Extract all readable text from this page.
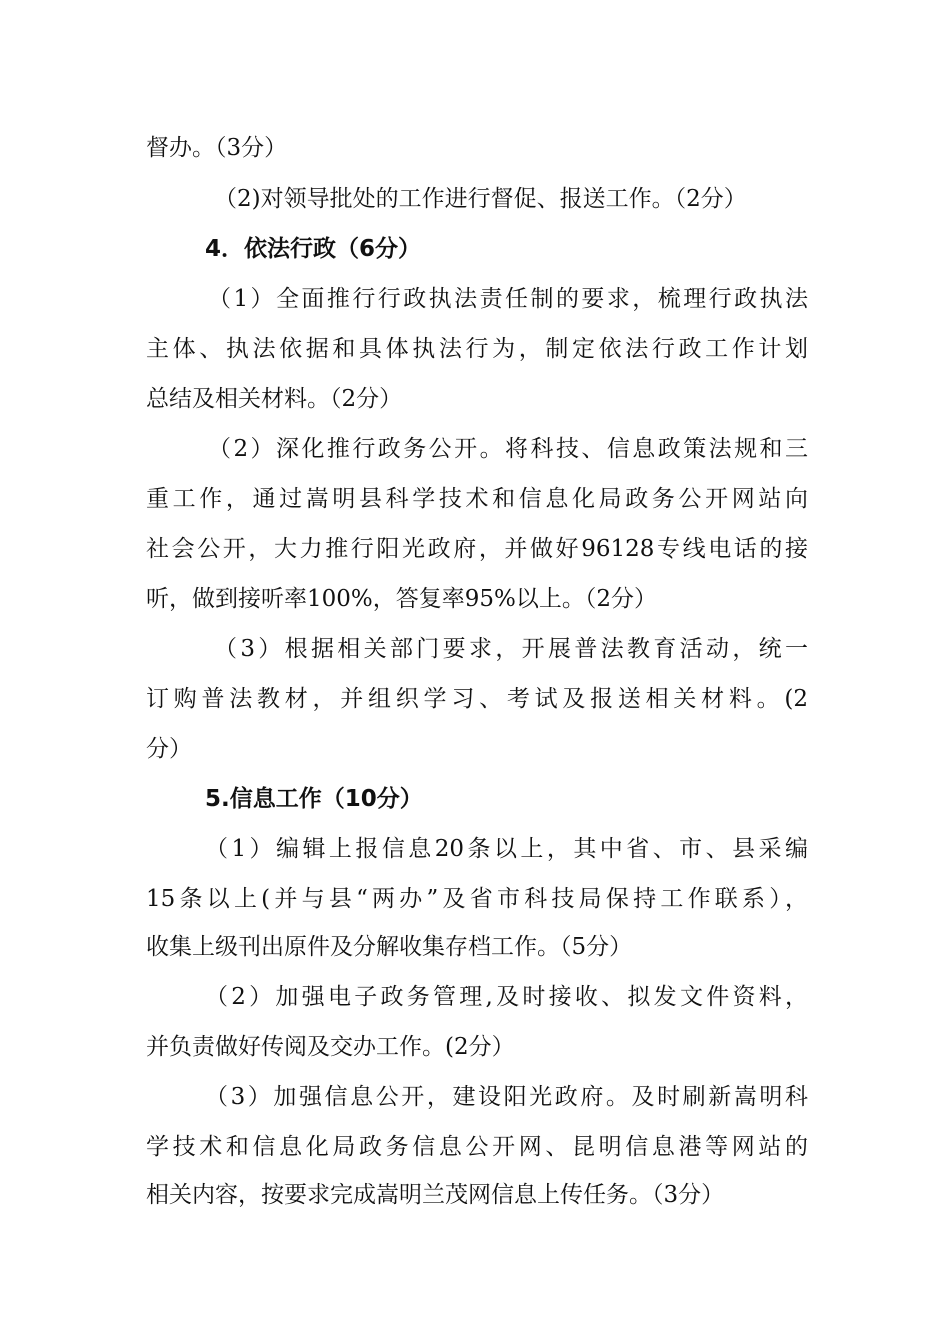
督办。（3分）
（2)对领导批处的工作进行督促、报送工作。（2分）
4．依法行政（6分）
（1）全面推行行政执法责任制的要求，梳理行政执法
主体、执法依据和具体执法行为，制定依法行政工作计划
总结及相关材料。（2分）
（2）深化推行政务公开。将科技、信息政策法规和三
重工作，通过嵩明县科学技术和信息化局政务公开网站向
社会公开，大力推行阳光政府，并做好96128专线电话的接
听，做到接听率100%，答复率95%以上。（2分）
（3）根据相关部门要求，开展普法教育活动，统一
订购普法教材，并组织学习、考试及报送相关材料。(2
分）
5.信息工作（10分）
（1）编辑上报信息20条以上，其中省、市、县采编
15条以上(并与县“两办”及省市科技局保持工作联系），
收集上级刊出原件及分解收集存档工作。（5分）
（2）加强电子政务管理,及时接收、拟发文件资料，
并负责做好传阅及交办工作。(2分）
（3）加强信息公开，建设阳光政府。及时刷新嵩明科
学技术和信息化局政务信息公开网、昆明信息港等网站的
相关内容，按要求完成嵩明兰茂网信息上传任务。（3分）
